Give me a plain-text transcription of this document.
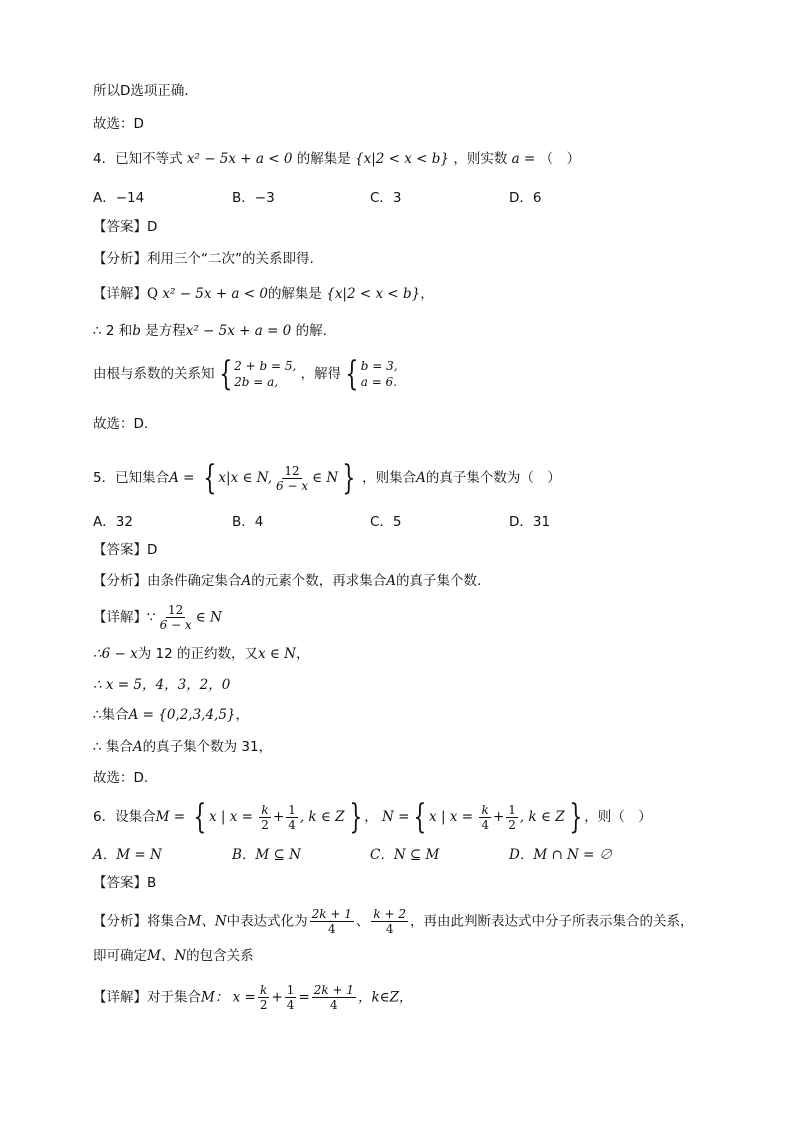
所以D选项正确.
故选：D
4．已知不等式 x² − 5x + a < 0 的解集是 {x|2 < x < b} ，则实数 a = （　）
A．−14	B．−3	C．3	D．6
【答案】D
【分析】利用三个“二次”的关系即得.
【详解】Q x² − 5x + a < 0的解集是 {x|2 < x < b}，
∴ 2 和b 是方程x² − 5x + a = 0 的解.
由根与系数的关系知 { 2 + b = 5,
2b = a,	，解得 { b = 3,
a = 6.
故选：D.
5．已知集合A = { x|x ∈ N, $\frac{12}{6 - x}$ ∈ N } ，则集合A的真子集个数为（　）
A．32	B．4	C．5	D．31
【答案】D
【分析】由条件确定集合A的元素个数，再求集合A的真子集个数.
【详解】∵ $\frac{12}{6 - x}$ ∈ N
∴6 − x为 12 的正约数，又x ∈ N，
∴ x = 5，4，3，2，0
∴集合A = {0,2,3,4,5}，
∴ 集合A的真子集个数为 31，
故选：D.
6．设集合M = { x | $x = \frac{k}{2} + \frac{1}{4}$ , k ∈ Z } ， N = { x | $x = \frac{k}{4} + \frac{1}{2}$ , k ∈ Z } ，则（　）
A．M = N	B．M ⊆ N	C．N ⊆ M	D．M ∩ N = ∅
【答案】B
【分析】将集合M、N中表达式化为 $\frac{2k + 1}{4}$ 、 $\frac{k + 2}{4}$ ，再由此判断表达式中分子所表示集合的关系，
即可确定M、N的包含关系
【详解】对于集合M： $x = \frac{k}{2} + \frac{1}{4} = \frac{2k + 1}{4}$ ，k∈Z，
